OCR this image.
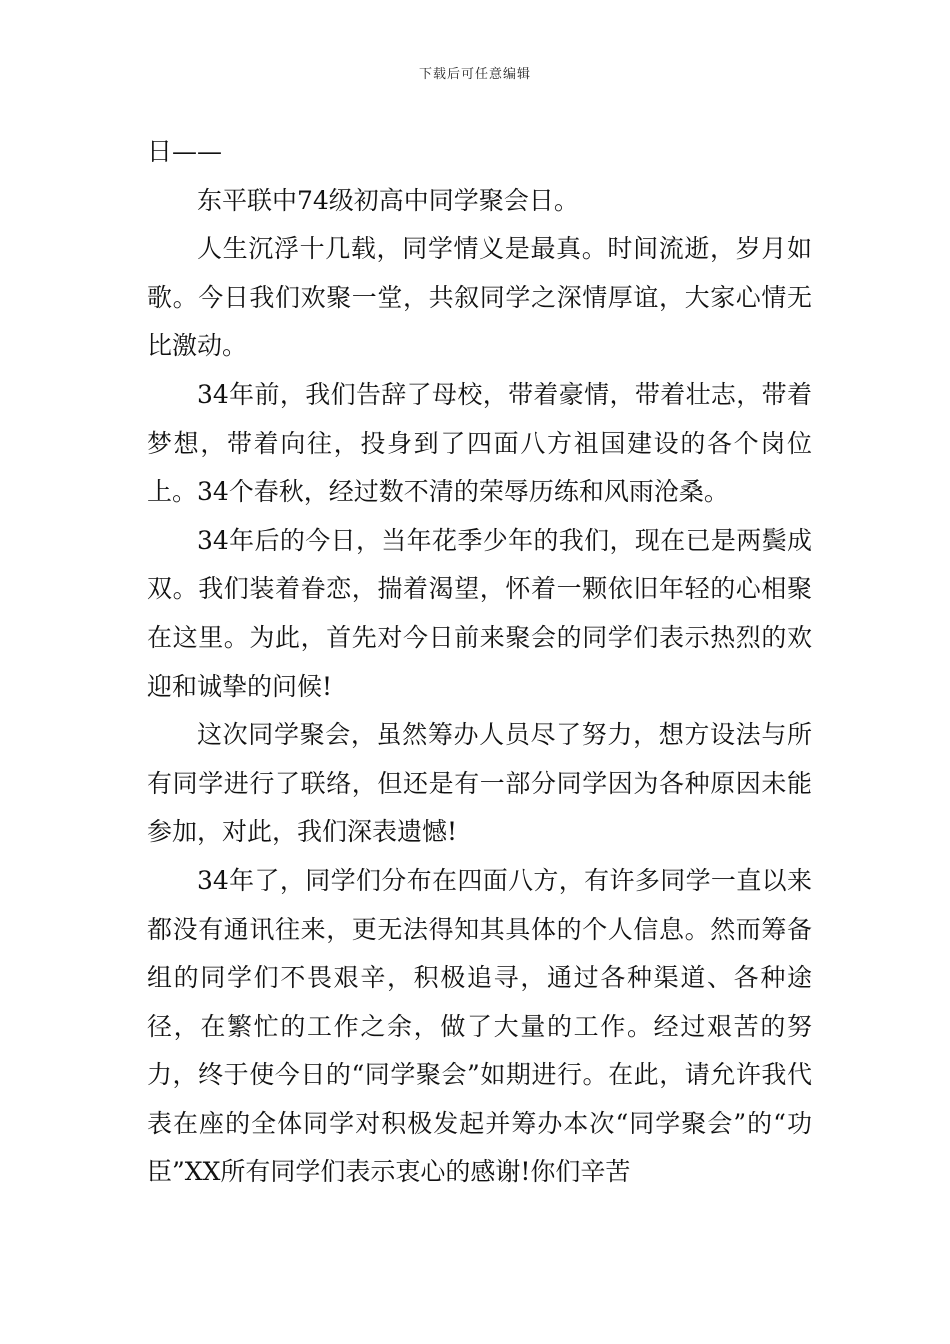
下载后可任意编辑

日——

东平联中74级初高中同学聚会日。

人生沉浮十几载，同学情义是最真。时间流逝，岁月如歌。今日我们欢聚一堂，共叙同学之深情厚谊，大家心情无比激动。

34年前，我们告辞了母校，带着豪情，带着壮志，带着梦想，带着向往，投身到了四面八方祖国建设的各个岗位上。34个春秋，经过数不清的荣辱历练和风雨沧桑。

34年后的今日，当年花季少年的我们，现在已是两鬓成双。我们装着眷恋，揣着渴望，怀着一颗依旧年轻的心相聚在这里。为此，首先对今日前来聚会的同学们表示热烈的欢迎和诚挚的问候!

这次同学聚会，虽然筹办人员尽了努力，想方设法与所有同学进行了联络，但还是有一部分同学因为各种原因未能参加，对此，我们深表遗憾!

34年了，同学们分布在四面八方，有许多同学一直以来都没有通讯往来，更无法得知其具体的个人信息。然而筹备组的同学们不畏艰辛，积极追寻，通过各种渠道、各种途径，在繁忙的工作之余，做了大量的工作。经过艰苦的努力，终于使今日的“同学聚会”如期进行。在此，请允许我代表在座的全体同学对积极发起并筹办本次“同学聚会”的“功臣”XX所有同学们表示衷心的感谢!你们辛苦
